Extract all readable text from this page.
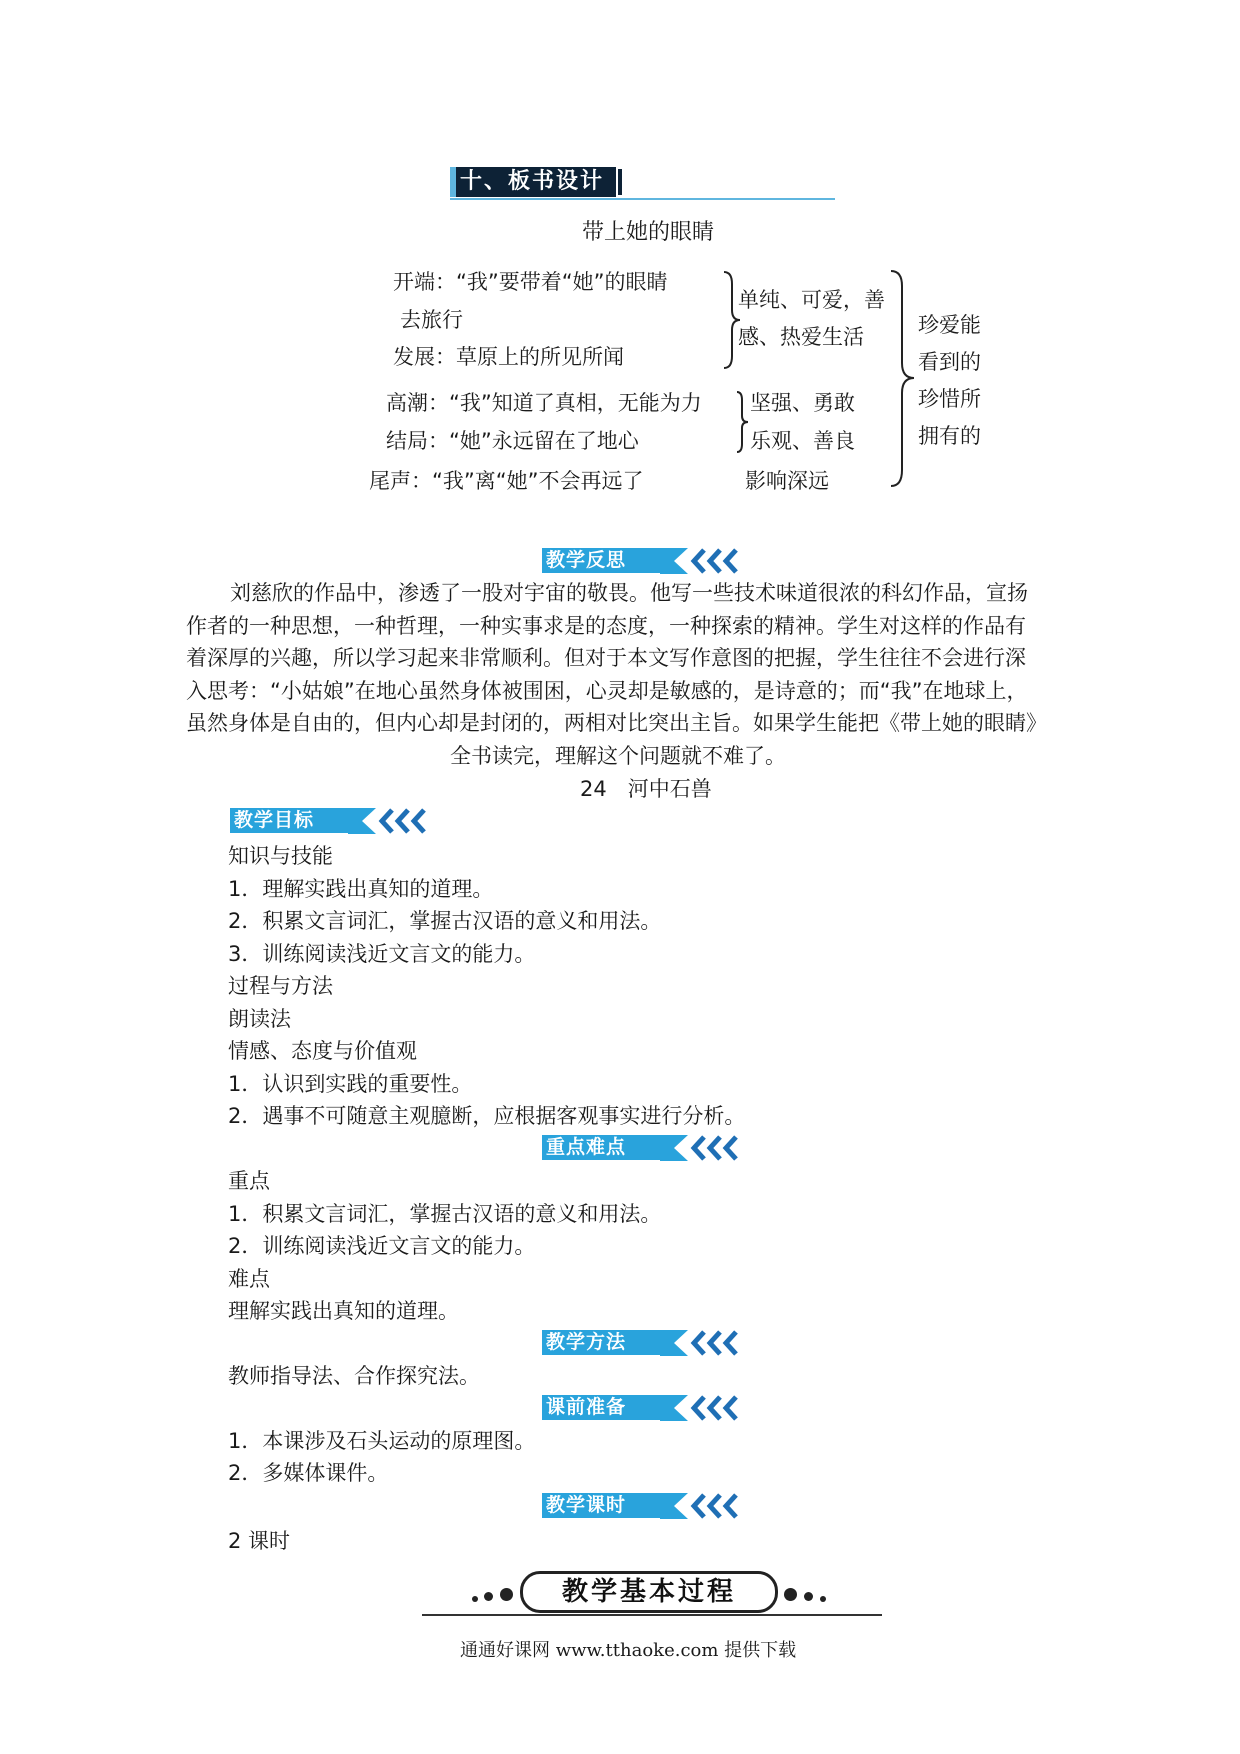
十、板书设计
带上她的眼睛
开端：“我”要带着“她”的眼睛
去旅行
发展：草原上的所见所闻
单纯、可爱，善
感、热爱生活
高潮：“我”知道了真相，无能为力
结局：“她”永远留在了地心
坚强、勇敢
乐观、善良
尾声：“我”离“她”不会再远了	影响深远
珍爱能
看到的
珍惜所
拥有的
教学反思
刘慈欣的作品中，渗透了一股对宇宙的敬畏。他写一些技术味道很浓的科幻作品，宣扬
作者的一种思想，一种哲理，一种实事求是的态度，一种探索的精神。学生对这样的作品有
着深厚的兴趣，所以学习起来非常顺利。但对于本文写作意图的把握，学生往往不会进行深
入思考：“小姑娘”在地心虽然身体被围困，心灵却是敏感的，是诗意的；而“我”在地球上，
虽然身体是自由的，但内心却是封闭的，两相对比突出主旨。如果学生能把《带上她的眼睛》
全书读完，理解这个问题就不难了。
24　河中石兽
教学目标
知识与技能
1．理解实践出真知的道理。
2．积累文言词汇，掌握古汉语的意义和用法。
3．训练阅读浅近文言文的能力。
过程与方法
朗读法
情感、态度与价值观
1．认识到实践的重要性。
2．遇事不可随意主观臆断，应根据客观事实进行分析。
重点难点
重点
1．积累文言词汇，掌握古汉语的意义和用法。
2．训练阅读浅近文言文的能力。
难点
理解实践出真知的道理。
教学方法
教师指导法、合作探究法。
课前准备
1．本课涉及石头运动的原理图。
2．多媒体课件。
教学课时
2 课时
教学基本过程
通通好课网 www.tthaoke.com 提供下载
